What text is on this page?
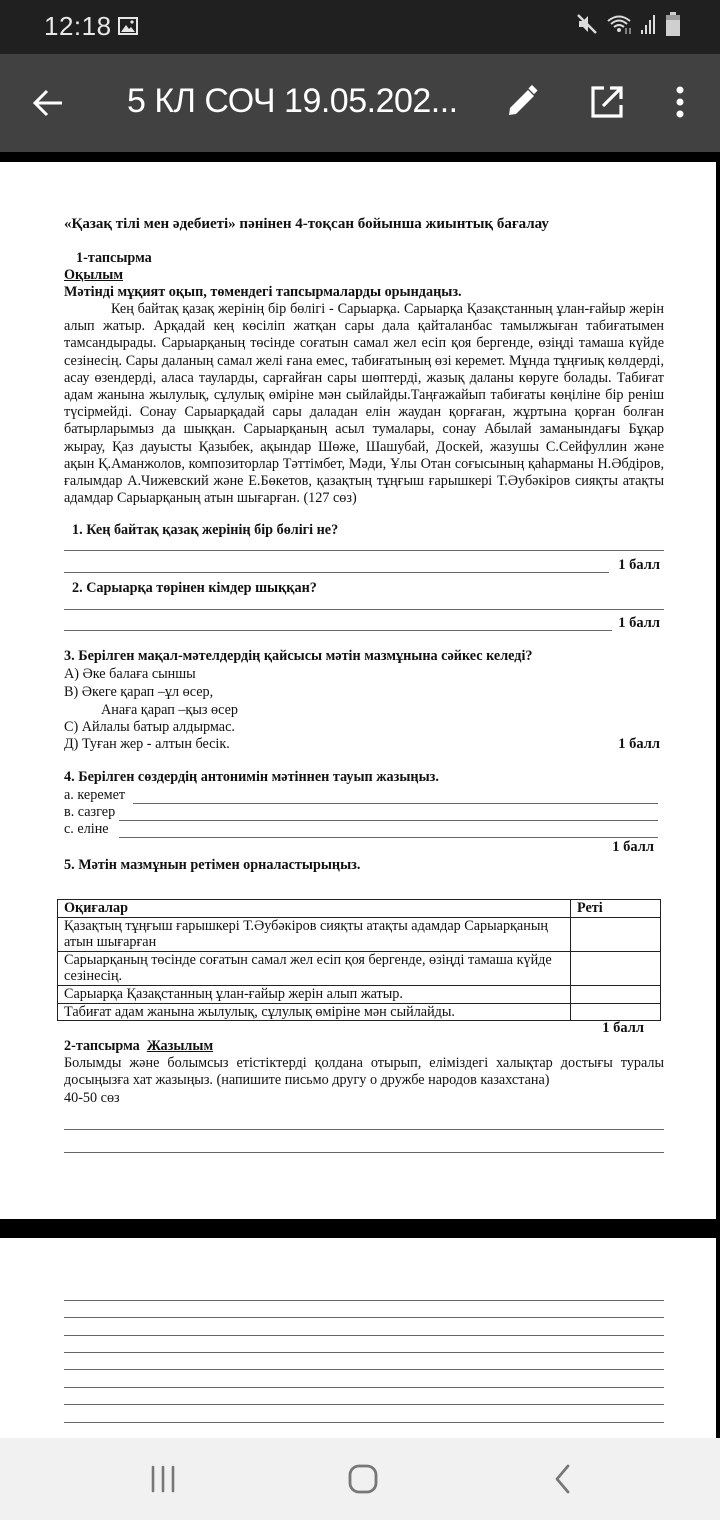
12:18
5 КЛ СОЧ 19.05.202...
«Қазақ тілі мен әдебиеті» пәнінен 4-тоқсан бойынша жиынтық бағалау
1-тапсырма
Оқылым
Мәтінді мұқият оқып, төмендегі тапсырмаларды орындаңыз.
Кең байтақ қазақ жерінің бір бөлігі - Сарыарқа. Сарыарқа Қазақстанның ұлан-ғайыр жерін алып жатыр. Арқадай кең көсіліп жатқан сары дала қайталанбас тамылжыған табиғатымен тамсандырады. Сарыарқаның төсінде соғатын самал жел есіп қоя бергенде, өзіңді тамаша күйде сезінесің. Сары даланың самал желі ғана емес, табиғатының өзі керемет. Мұнда тұңғиық көлдерді, асау өзендерді, аласа тауларды, сарғайған сары шөптерді, жазық даланы көруге болады. Табиғат адам жанына жылулық, сұлулық өміріне мән сыйлайды.Таңғажайып табиғаты көңіліне бір реніш түсірмейді. Сонау Сарыарқадай сары даладан елін жаудан қорғаған, жұртына қорған болған батырларымыз да шыққан. Сарыарқаның асыл тумалары, сонау Абылай заманындағы Бұқар жырау, Қаз дауысты Қазыбек, ақындар Шөже, Шашубай, Доскей, жазушы С.Сейфуллин және ақын Қ.Аманжолов, композиторлар Тәттімбет, Мәди, Ұлы Отан соғысының қаһарманы Н.Әбдіров, ғалымдар А.Чижевский және Е.Бөкетов, қазақтың тұңғыш ғарышкері Т.Әубәкіров сияқты атақты адамдар Сарыарқаның атын шығарған. (127 сөз)
1. Кең байтақ қазақ жерінің бір бөлігі не?
1 балл
2. Сарыарқа төрінен кімдер шыққан?
1 балл
3. Берілген мақал-мәтелдердің қайсысы мәтін мазмұнына сәйкес келеді?
А) Әке балаға сыншы
В) Әкеге қарап –ұл өсер,
Анаға қарап –қыз өсер
С) Айлалы батыр алдырмас.
Д) Туған жер - алтын бесік.	1 балл
4. Берілген сөздердің антонимін мәтіннен тауып жазыңыз.
а. керемет
в. сазгер
с. еліне
1 балл
5. Мәтін мазмұнын ретімен орналастырыңыз.
Оқиғалар	Реті
Қазақтың тұңғыш ғарышкері Т.Әубәкіров сияқты атақты адамдар Сарыарқаның атын шығарған	
Сарыарқаның төсінде соғатын самал жел есіп қоя бергенде, өзіңді тамаша күйде сезінесің.	
Сарыарқа Қазақстанның ұлан-ғайыр жерін алып жатыр.	
Табиғат адам жанына жылулық, сұлулық өміріне мән сыйлайды.	
1 балл
2-тапсырма Жазылым
Болымды және болымсыз етістіктерді қолдана отырып, еліміздегі халықтар достығы туралы досыңызға хат жазыңыз. (напишите письмо другу о дружбе народов казахстана)
40-50 сөз
